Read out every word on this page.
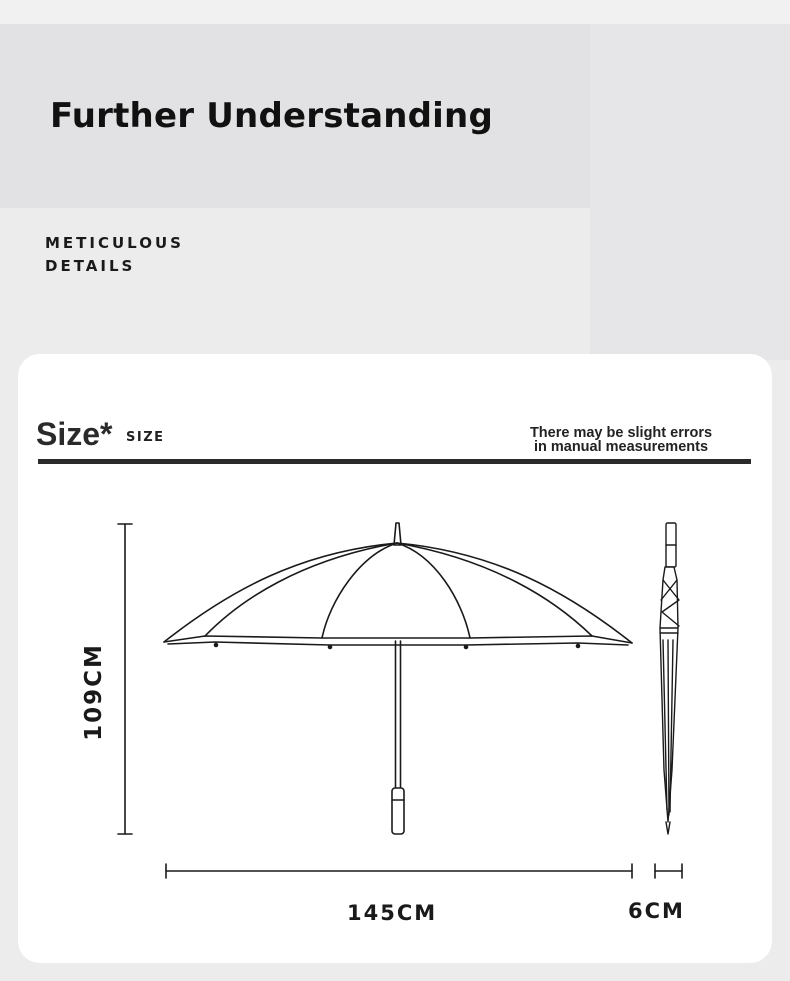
Further Understanding
METICULOUS
DETAILS
Size* SIZE	There may be slight errors
in manual measurements
109CM
145CM	6CM
